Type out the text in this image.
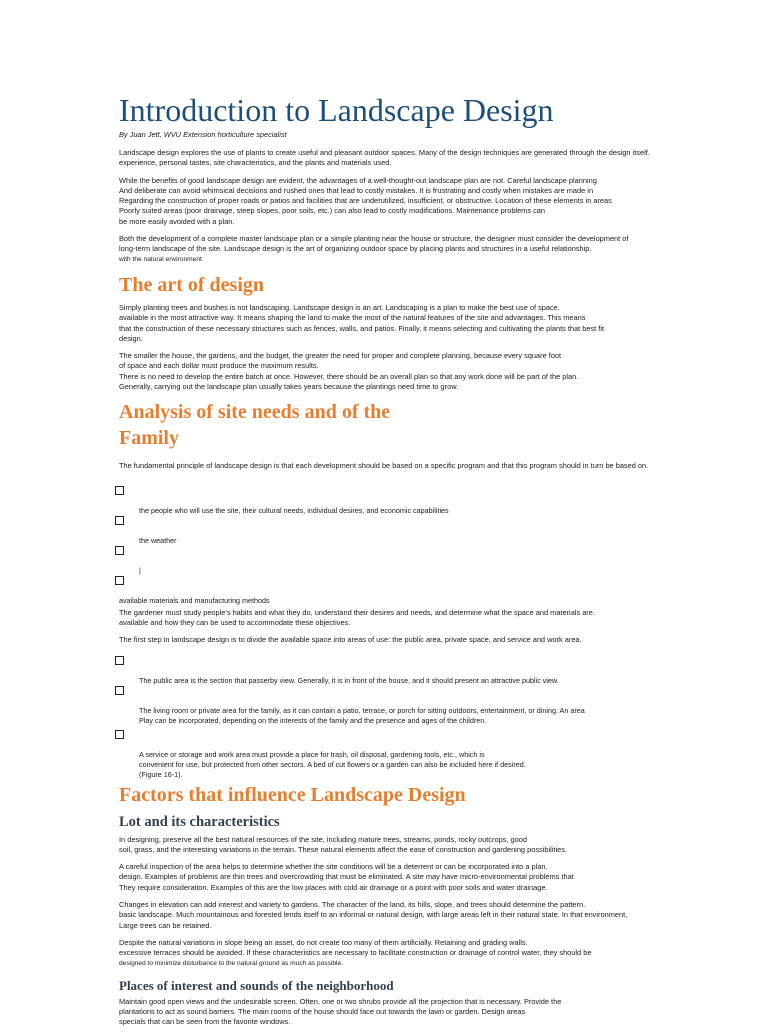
Introduction to Landscape Design
By Juan Jett, WVU Extension horticulture specialist
Landscape design explores the use of plants to create useful and pleasant outdoor spaces. Many of the design techniques are generated through the design itself.
experience, personal tastes, site characteristics, and the plants and materials used.
While the benefits of good landscape design are evident, the advantages of a well-thought-out landscape plan are not. Careful landscape planning
And deliberate can avoid whimsical decisions and rushed ones that lead to costly mistakes. It is frustrating and costly when mistakes are made in
Regarding the construction of proper roads or patios and facilities that are underutilized, insufficient, or obstructive. Location of these elements in areas
Poorly suited areas (poor drainage, steep slopes, poor soils, etc.) can also lead to costly modifications. Maintenance problems can
be more easily avoided with a plan.
Both the development of a complete master landscape plan or a simple planting near the house or structure, the designer must consider the development of
long-term landscape of the site. Landscape design is the art of organizing outdoor space by placing plants and structures in a useful relationship.
with the natural environment.
The art of design
Simply planting trees and bushes is not landscaping. Landscape design is an art. Landscaping is a plan to make the best use of space.
available in the most attractive way. It means shaping the land to make the most of the natural features of the site and advantages. This means
that the construction of these necessary structures such as fences, walls, and patios. Finally, it means selecting and cultivating the plants that best fit
design.
The smaller the house, the gardens, and the budget, the greater the need for proper and complete planning, because every square foot
of space and each dollar must produce the maximum results.
There is no need to develop the entire batch at once. However, there should be an overall plan so that any work done will be part of the plan.
Generally, carrying out the landscape plan usually takes years because the plantings need time to grow.
Analysis of site needs and of the
Family
The fundamental principle of landscape design is that each development should be based on a specific program and that this program should in turn be based on.

the people who will use the site, their cultural needs, individual desires, and economic capabilities

the weather

|

available materials and manufacturing methods

The gardener must study people's habits and what they do, understand their desires and needs, and determine what the space and materials are.
available and how they can be used to accommodate these objectives.
The first step in landscape design is to divide the available space into areas of use: the public area, private space, and service and work area.

The public area is the section that passerby view. Generally, it is in front of the house, and it should present an attractive public view.

The living room or private area for the family, as it can contain a patio, terrace, or porch for sitting outdoors, entertainment, or dining. An area
Play can be incorporated, depending on the interests of the family and the presence and ages of the children.

A service or storage and work area must provide a place for trash, oil disposal, gardening tools, etc., which is
convenient for use, but protected from other sectors. A bed of cut flowers or a garden can also be included here if desired.
(Figure 16-1).

Factors that influence Landscape Design
Lot and its characteristics
In designing, preserve all the best natural resources of the site, including mature trees, streams, ponds, rocky outcrops, good
soil, grass, and the interesting variations in the terrain. These natural elements affect the ease of construction and gardening possibilities.
A careful inspection of the area helps to determine whether the site conditions will be a deterrent or can be incorporated into a plan.
design. Examples of problems are thin trees and overcrowding that must be eliminated. A site may have micro-environmental problems that
They require consideration. Examples of this are the low places with cold air drainage or a point with poor soils and water drainage.
Changes in elevation can add interest and variety to gardens. The character of the land, its hills, slope, and trees should determine the pattern.
basic landscape. Much mountainous and forested lends itself to an informal or natural design, with large areas left in their natural state. In that environment,
Large trees can be retained.
Despite the natural variations in slope being an asset, do not create too many of them artificially. Retaining and grading walls.
excessive terraces should be avoided. If these characteristics are necessary to facilitate construction or drainage of control water, they should be
designed to minimize disturbance to the natural ground as much as possible.
Places of interest and sounds of the neighborhood
Maintain good open views and the undesirable screen. Often, one or two shrubs provide all the projection that is necessary. Provide the
plantations to act as sound barriers. The main rooms of the house should face out towards the lawn or garden. Design areas
specials that can be seen from the favorite windows.
